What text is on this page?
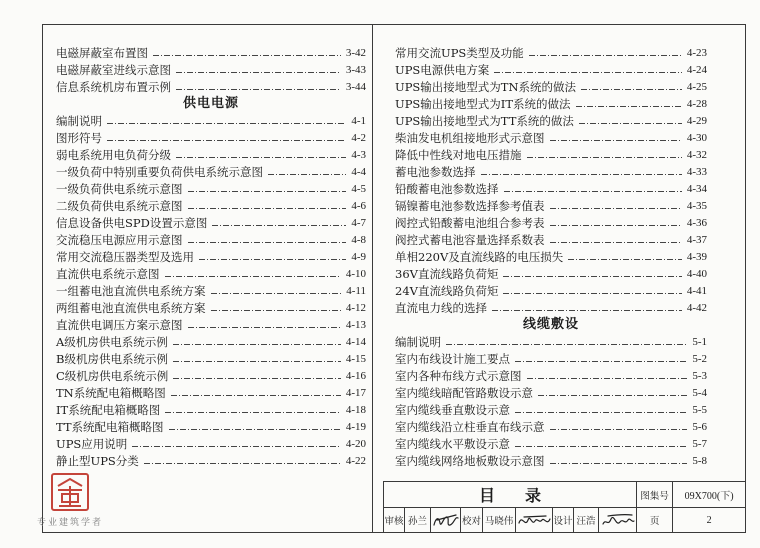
电磁屏蔽室布置图	3-42
电磁屏蔽室进线示意图	3-43
信息系统机房布置示例	3-44
供电电源
编制说明	4-1
图形符号	4-2
弱电系统用电负荷分级	4-3
一级负荷中特别重要负荷供电系统示意图	4-4
一级负荷供电系统示意图	4-5
二级负荷供电系统示意图	4-6
信息设备供电SPD设置示意图	4-7
交流稳压电源应用示意图	4-8
常用交流稳压器类型及选用	4-9
直流供电系统示意图	4-10
一组蓄电池直流供电系统方案	4-11
两组蓄电池直流供电系统方案	4-12
直流供电调压方案示意图	4-13
A级机房供电系统示例	4-14
B级机房供电系统示例	4-15
C级机房供电系统示例	4-16
TN系统配电箱概略图	4-17
IT系统配电箱概略图	4-18
TT系统配电箱概略图	4-19
UPS应用说明	4-20
静止型UPS分类	4-22
常用交流UPS类型及功能	4-23
UPS电源供电方案	4-24
UPS输出接地型式为TN系统的做法	4-25
UPS输出接地型式为IT系统的做法	4-28
UPS输出接地型式为TT系统的做法	4-29
柴油发电机组接地形式示意图	4-30
降低中性线对地电压措施	4-32
蓄电池参数选择	4-33
铅酸蓄电池参数选择	4-34
镉镍蓄电池参数选择参考值表	4-35
阀控式铅酸蓄电池组合参考表	4-36
阀控式蓄电池容量选择系数表	4-37
单相220V及直流线路的电压损失	4-39
36V直流线路负荷矩	4-40
24V直流线路负荷矩	4-41
直流电力线的选择	4-42
线缆敷设
编制说明	5-1
室内布线设计施工要点	5-2
室内各种布线方式示意图	5-3
室内缆线暗配管路敷设示意	5-4
室内缆线垂直敷设示意	5-5
室内缆线沿立柱垂直布线示意	5-6
室内缆线水平敷设示意	5-7
室内缆线网络地板敷设示意图	5-8
目录									图集号	09X700(下)
审核	孙兰		校对	马晓伟		设计	汪浩		页	2
专业建筑学者
